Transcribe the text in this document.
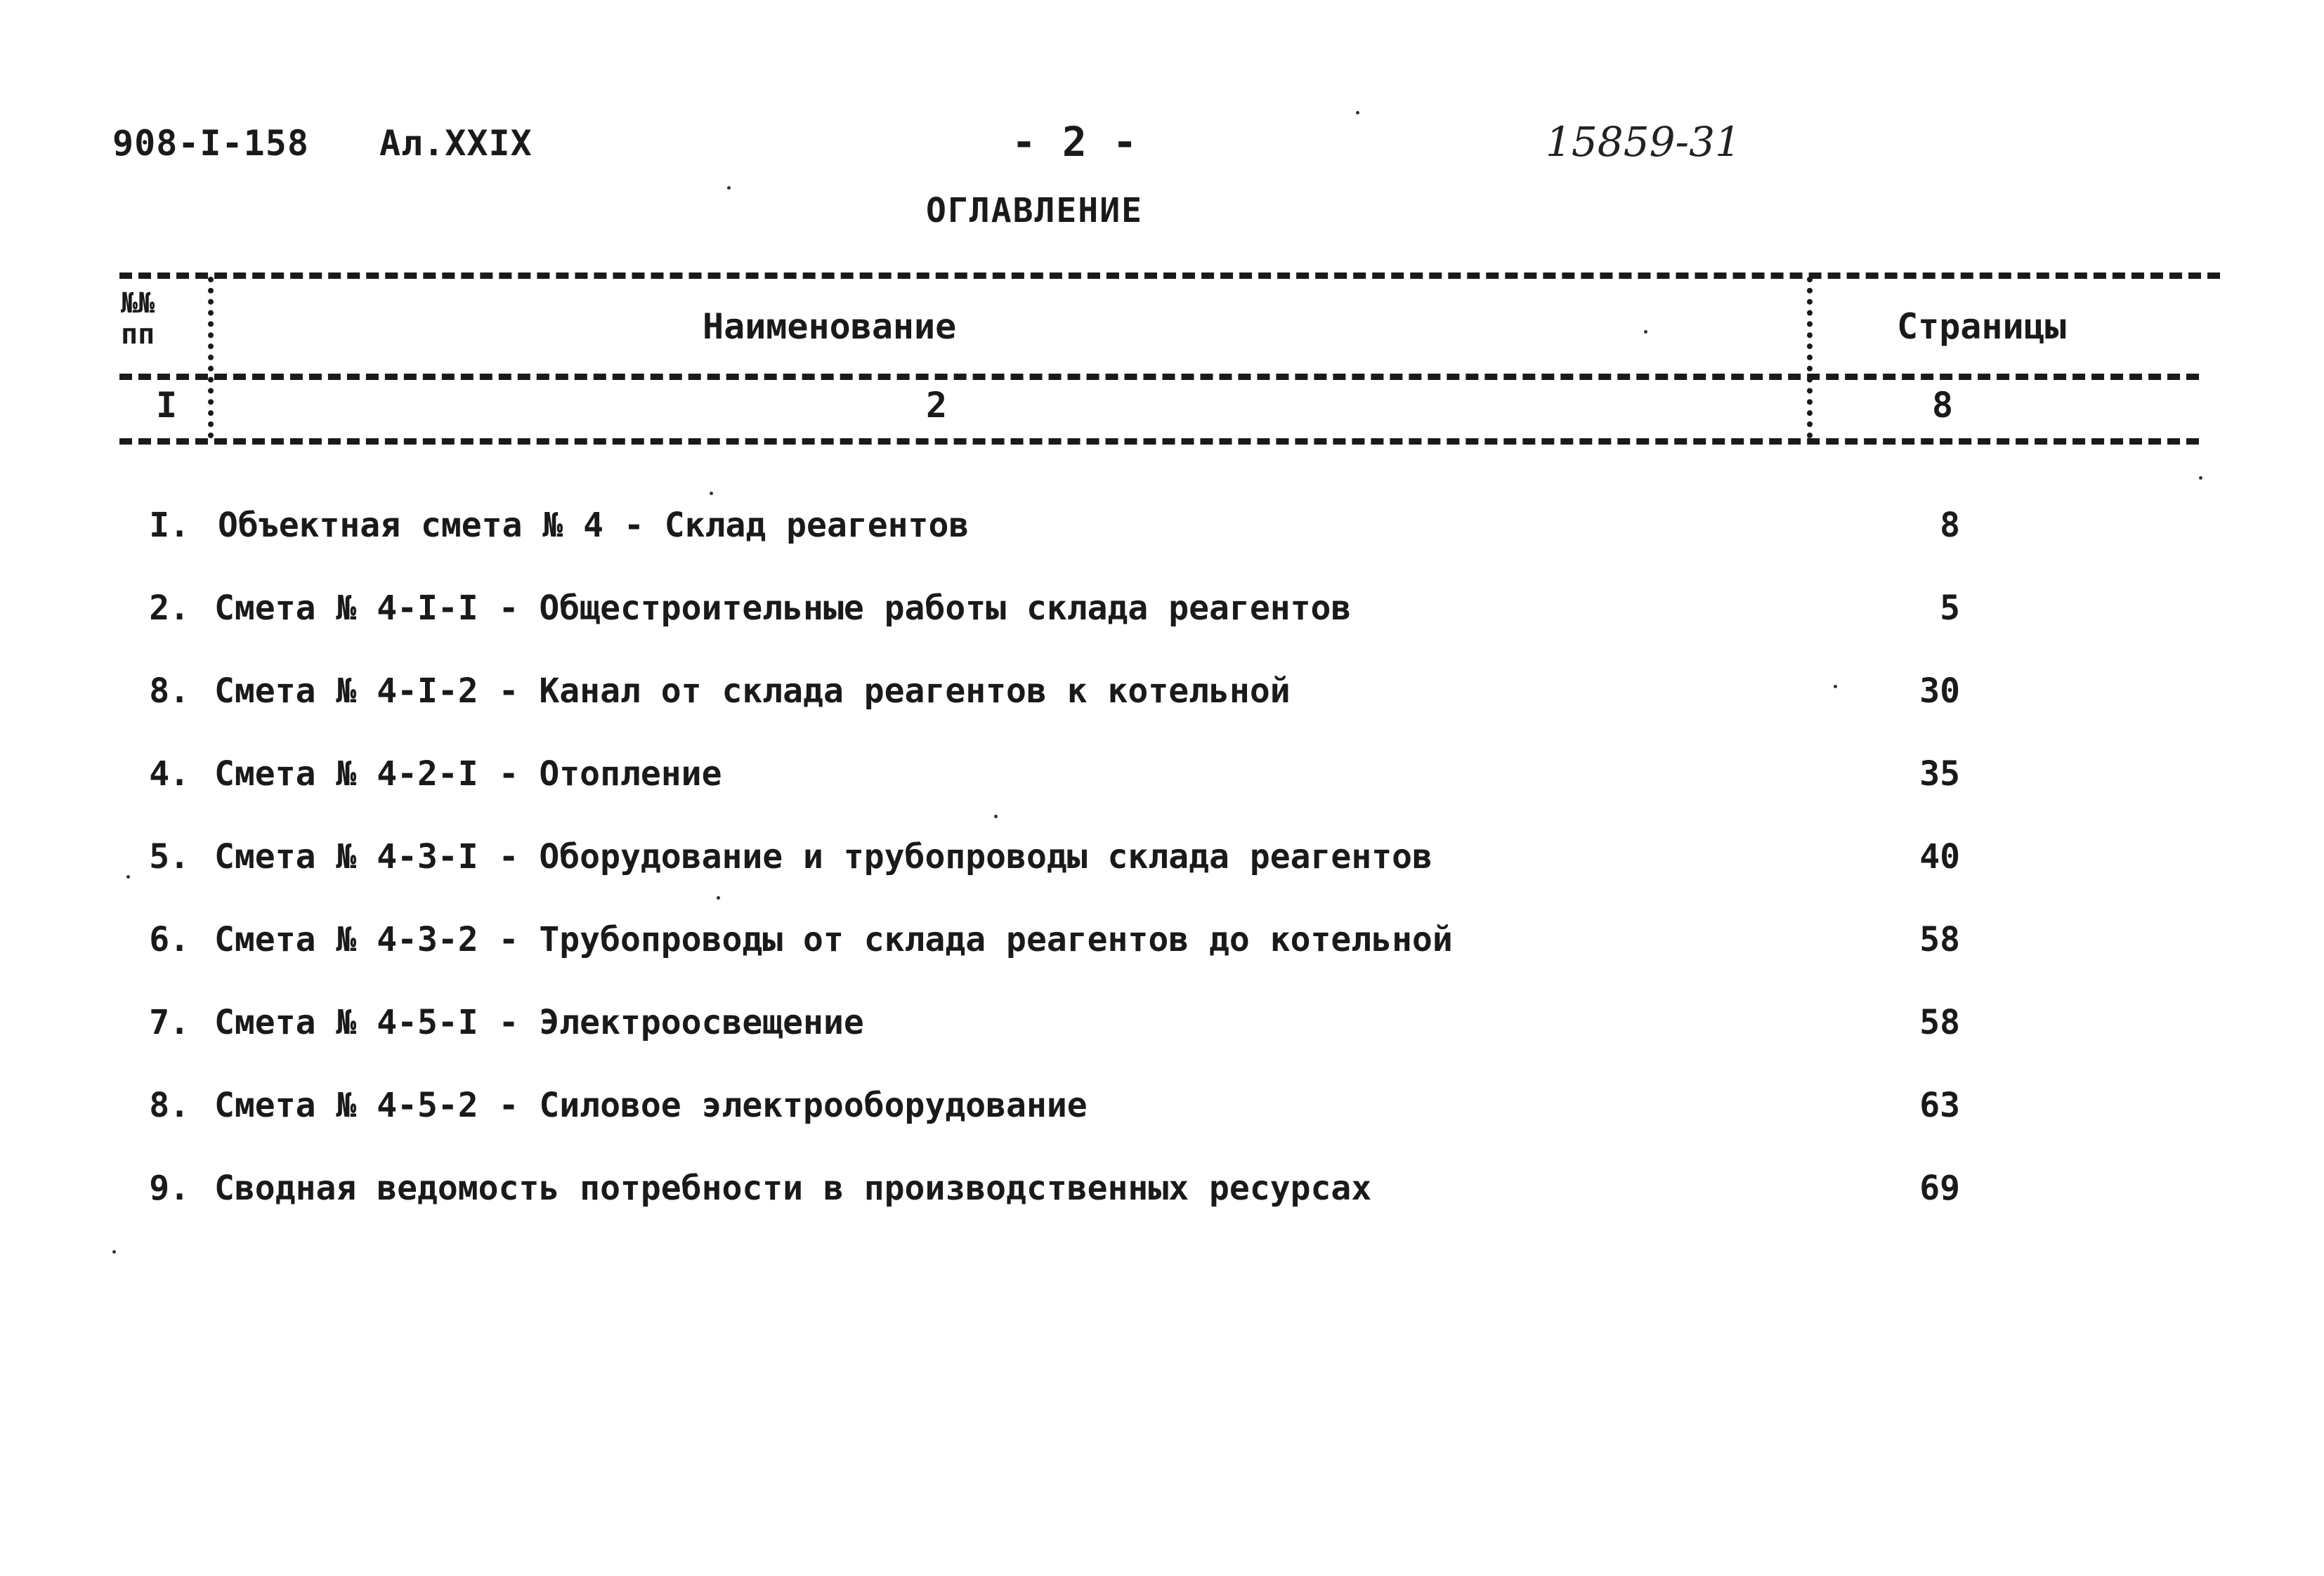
908-I-158 Ал.XXIX	- 2 -	15859-31
ОГЛАВЛЕНИЕ
№№ пп	Наименование	Страницы
I	2	8
I. Объектная смета № 4 - Склад реагентов	8
2. Смета № 4-I-I - Общестроительные работы склада реагентов	5
8. Смета № 4-I-2 - Канал от склада реагентов к котельной	30
4. Смета № 4-2-I - Отопление	35
5. Смета № 4-3-I - Оборудование и трубопроводы склада реагентов	40
6. Смета № 4-3-2 - Трубопроводы от склада реагентов до котельной	58
7. Смета № 4-5-I - Электроосвещение	58
8. Смета № 4-5-2 - Силовое электрооборудование	63
9. Сводная ведомость потребности в производственных ресурсах	69
